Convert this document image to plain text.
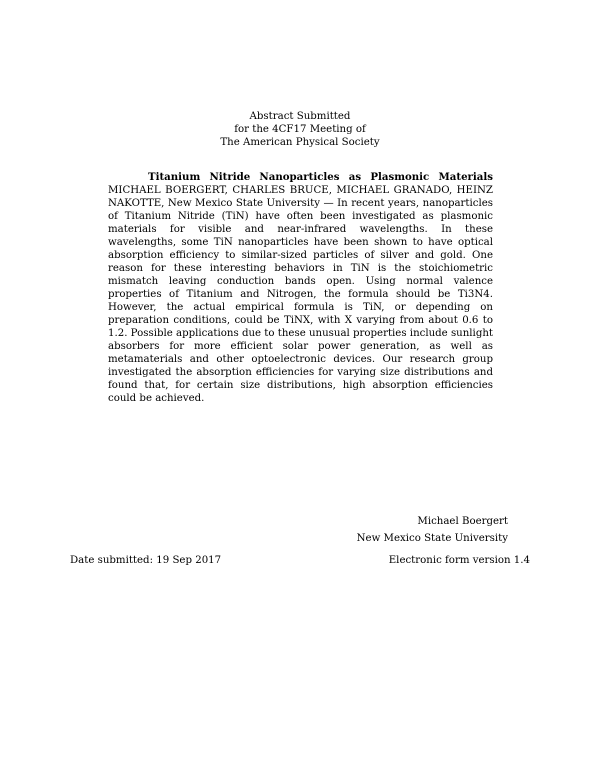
Abstract Submitted
for the 4CF17 Meeting of
The American Physical Society
Titanium Nitride Nanoparticles as Plasmonic Materials MICHAEL BOERGERT, CHARLES BRUCE, MICHAEL GRANADO, HEINZ NAKOTTE, New Mexico State University — In recent years, nanoparticles of Titanium Nitride (TiN) have often been investigated as plasmonic materials for visible and near-infrared wavelengths. In these wavelengths, some TiN nanoparticles have been shown to have optical absorption efficiency to similar-sized particles of silver and gold. One reason for these interesting behaviors in TiN is the stoichiometric mismatch leaving conduction bands open. Using normal valence properties of Titanium and Nitrogen, the formula should be Ti3N4. However, the actual empirical formula is TiN, or depending on preparation conditions, could be TiNX, with X varying from about 0.6 to 1.2. Possible applications due to these unusual properties include sunlight absorbers for more efficient solar power generation, as well as metamaterials and other optoelectronic devices. Our research group investigated the absorption efficiencies for varying size distributions and found that, for certain size distributions, high absorption efficiencies could be achieved.
Michael Boergert
New Mexico State University
Date submitted: 19 Sep 2017	Electronic form version 1.4
